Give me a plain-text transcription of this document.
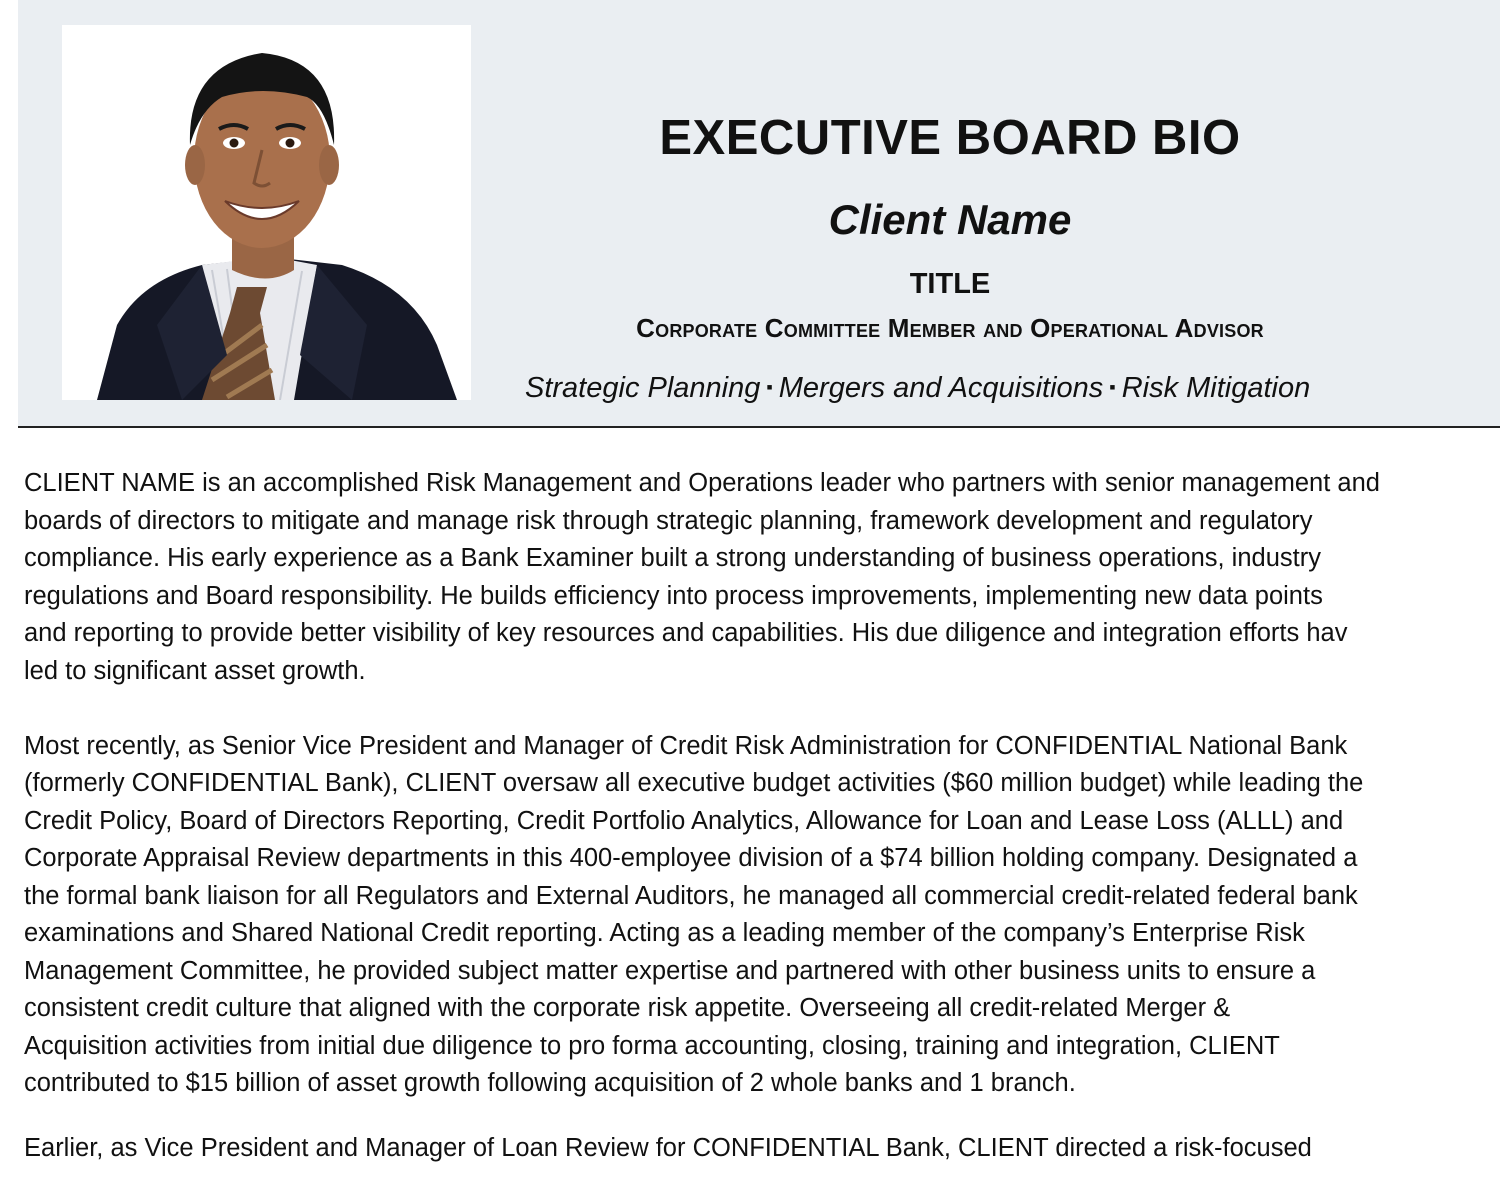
EXECUTIVE BOARD BIO
Client Name
TITLE
Corporate Committee Member and Operational Advisor
Strategic Planning ▪ Mergers and Acquisitions ▪ Risk Mitigation
CLIENT NAME is an accomplished Risk Management and Operations leader who partners with senior management and
boards of directors to mitigate and manage risk through strategic planning, framework development and regulatory
compliance. His early experience as a Bank Examiner built a strong understanding of business operations, industry
regulations and Board responsibility. He builds efficiency into process improvements, implementing new data points
and reporting to provide better visibility of key resources and capabilities. His due diligence and integration efforts hav
led to significant asset growth.
Most recently, as Senior Vice President and Manager of Credit Risk Administration for CONFIDENTIAL National Bank
(formerly CONFIDENTIAL Bank), CLIENT oversaw all executive budget activities ($60 million budget) while leading the
Credit Policy, Board of Directors Reporting, Credit Portfolio Analytics, Allowance for Loan and Lease Loss (ALLL) and
Corporate Appraisal Review departments in this 400-employee division of a $74 billion holding company. Designated a
the formal bank liaison for all Regulators and External Auditors, he managed all commercial credit-related federal bank
examinations and Shared National Credit reporting. Acting as a leading member of the company’s Enterprise Risk
Management Committee, he provided subject matter expertise and partnered with other business units to ensure a
consistent credit culture that aligned with the corporate risk appetite. Overseeing all credit-related Merger &
Acquisition activities from initial due diligence to pro forma accounting, closing, training and integration, CLIENT
contributed to $15 billion of asset growth following acquisition of 2 whole banks and 1 branch.
Earlier, as Vice President and Manager of Loan Review for CONFIDENTIAL Bank, CLIENT directed a risk-focused
